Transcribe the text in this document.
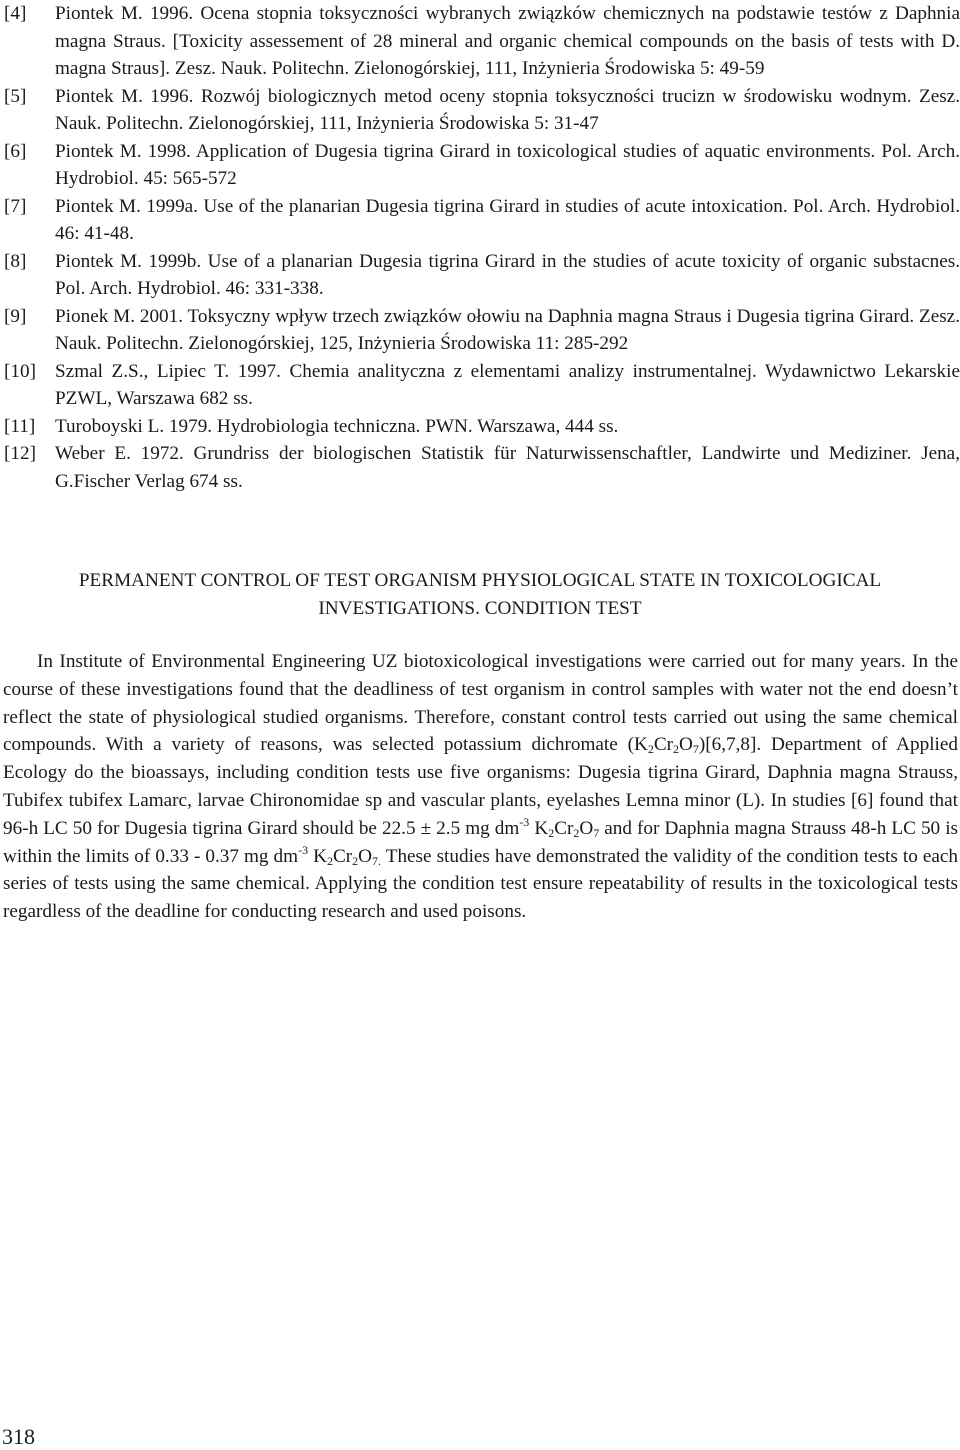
[4]	Piontek M. 1996. Ocena stopnia toksyczności wybranych związków chemicznych na podstawie testów z Daphnia magna Straus. [Toxicity assessement of 28 mineral and organic chemical compounds on the basis of tests with D. magna Straus]. Zesz. Nauk. Politechn. Zielonogórskiej, 111, Inżynieria Środowiska 5: 49-59
[5]	Piontek M. 1996. Rozwój biologicznych metod oceny stopnia toksyczności trucizn w środowisku wodnym. Zesz. Nauk. Politechn. Zielonogórskiej, 111, Inżynieria Środowiska 5: 31-47
[6]	Piontek M. 1998. Application of Dugesia tigrina Girard in toxicological studies of aquatic environments. Pol. Arch. Hydrobiol. 45: 565-572
[7]	Piontek M. 1999a. Use of the planarian Dugesia tigrina Girard in studies of acute intoxication. Pol. Arch. Hydrobiol. 46: 41-48.
[8]	Piontek M. 1999b. Use of a planarian Dugesia tigrina Girard in the studies of acute toxicity of organic substacnes. Pol. Arch. Hydrobiol. 46: 331-338.
[9]	Pionek M. 2001. Toksyczny wpływ trzech związków ołowiu na Daphnia magna Straus i Dugesia tigrina Girard. Zesz. Nauk. Politechn. Zielonogórskiej, 125, Inżynieria Środowiska 11: 285-292
[10] Szmal Z.S., Lipiec T. 1997. Chemia analityczna z elementami analizy instrumentalnej. Wydawnictwo Lekarskie PZWL, Warszawa 682 ss.
[11]	Turoboyski L. 1979. Hydrobiologia techniczna. PWN. Warszawa, 444 ss.
[12] Weber E. 1972. Grundriss der biologischen Statistik für Naturwissenschaftler, Landwirte und Mediziner. Jena, G.Fischer Verlag 674 ss.
PERMANENT CONTROL OF TEST ORGANISM PHYSIOLOGICAL STATE IN TOXICOLOGICAL
INVESTIGATIONS. CONDITION TEST

In Institute of Environmental Engineering UZ biotoxicological investigations were carried out for many years. In the course of these investigations found that the deadliness of test organism in control samples with water not the end doesn’t reflect the state of physiological studied organisms. Therefore, constant control tests carried out using the same chemical compounds. With a variety of reasons, was selected potassium dichromate $(K_2Cr_2O_7)[6,7,8]$. Department of Applied Ecology do the bioassays, including condition tests use five organisms: Dugesia tigrina Girard, Daphnia magna Strauss, Tubifex tubifex Lamarc, larvae Chironomidae sp and vascular plants, eyelashes Lemna minor (L). In studies [6] found that 96-h LC 50 for Dugesia tigrina Girard should be 22.5 ± 2.5 mg $dm^{-3}$ $K_2Cr_2O_7$ and for Daphnia magna Strauss 48-h LC 50 is within the limits of 0.33 - 0.37 mg $dm^{-3}$ $K_2Cr_2O_{7.}$ These studies have demonstrated the validity of the condition tests to each series of tests using the same chemical. Applying the condition test ensure repeatability of results in the toxicological tests regardless of the deadline for conducting research and used poisons.

318
